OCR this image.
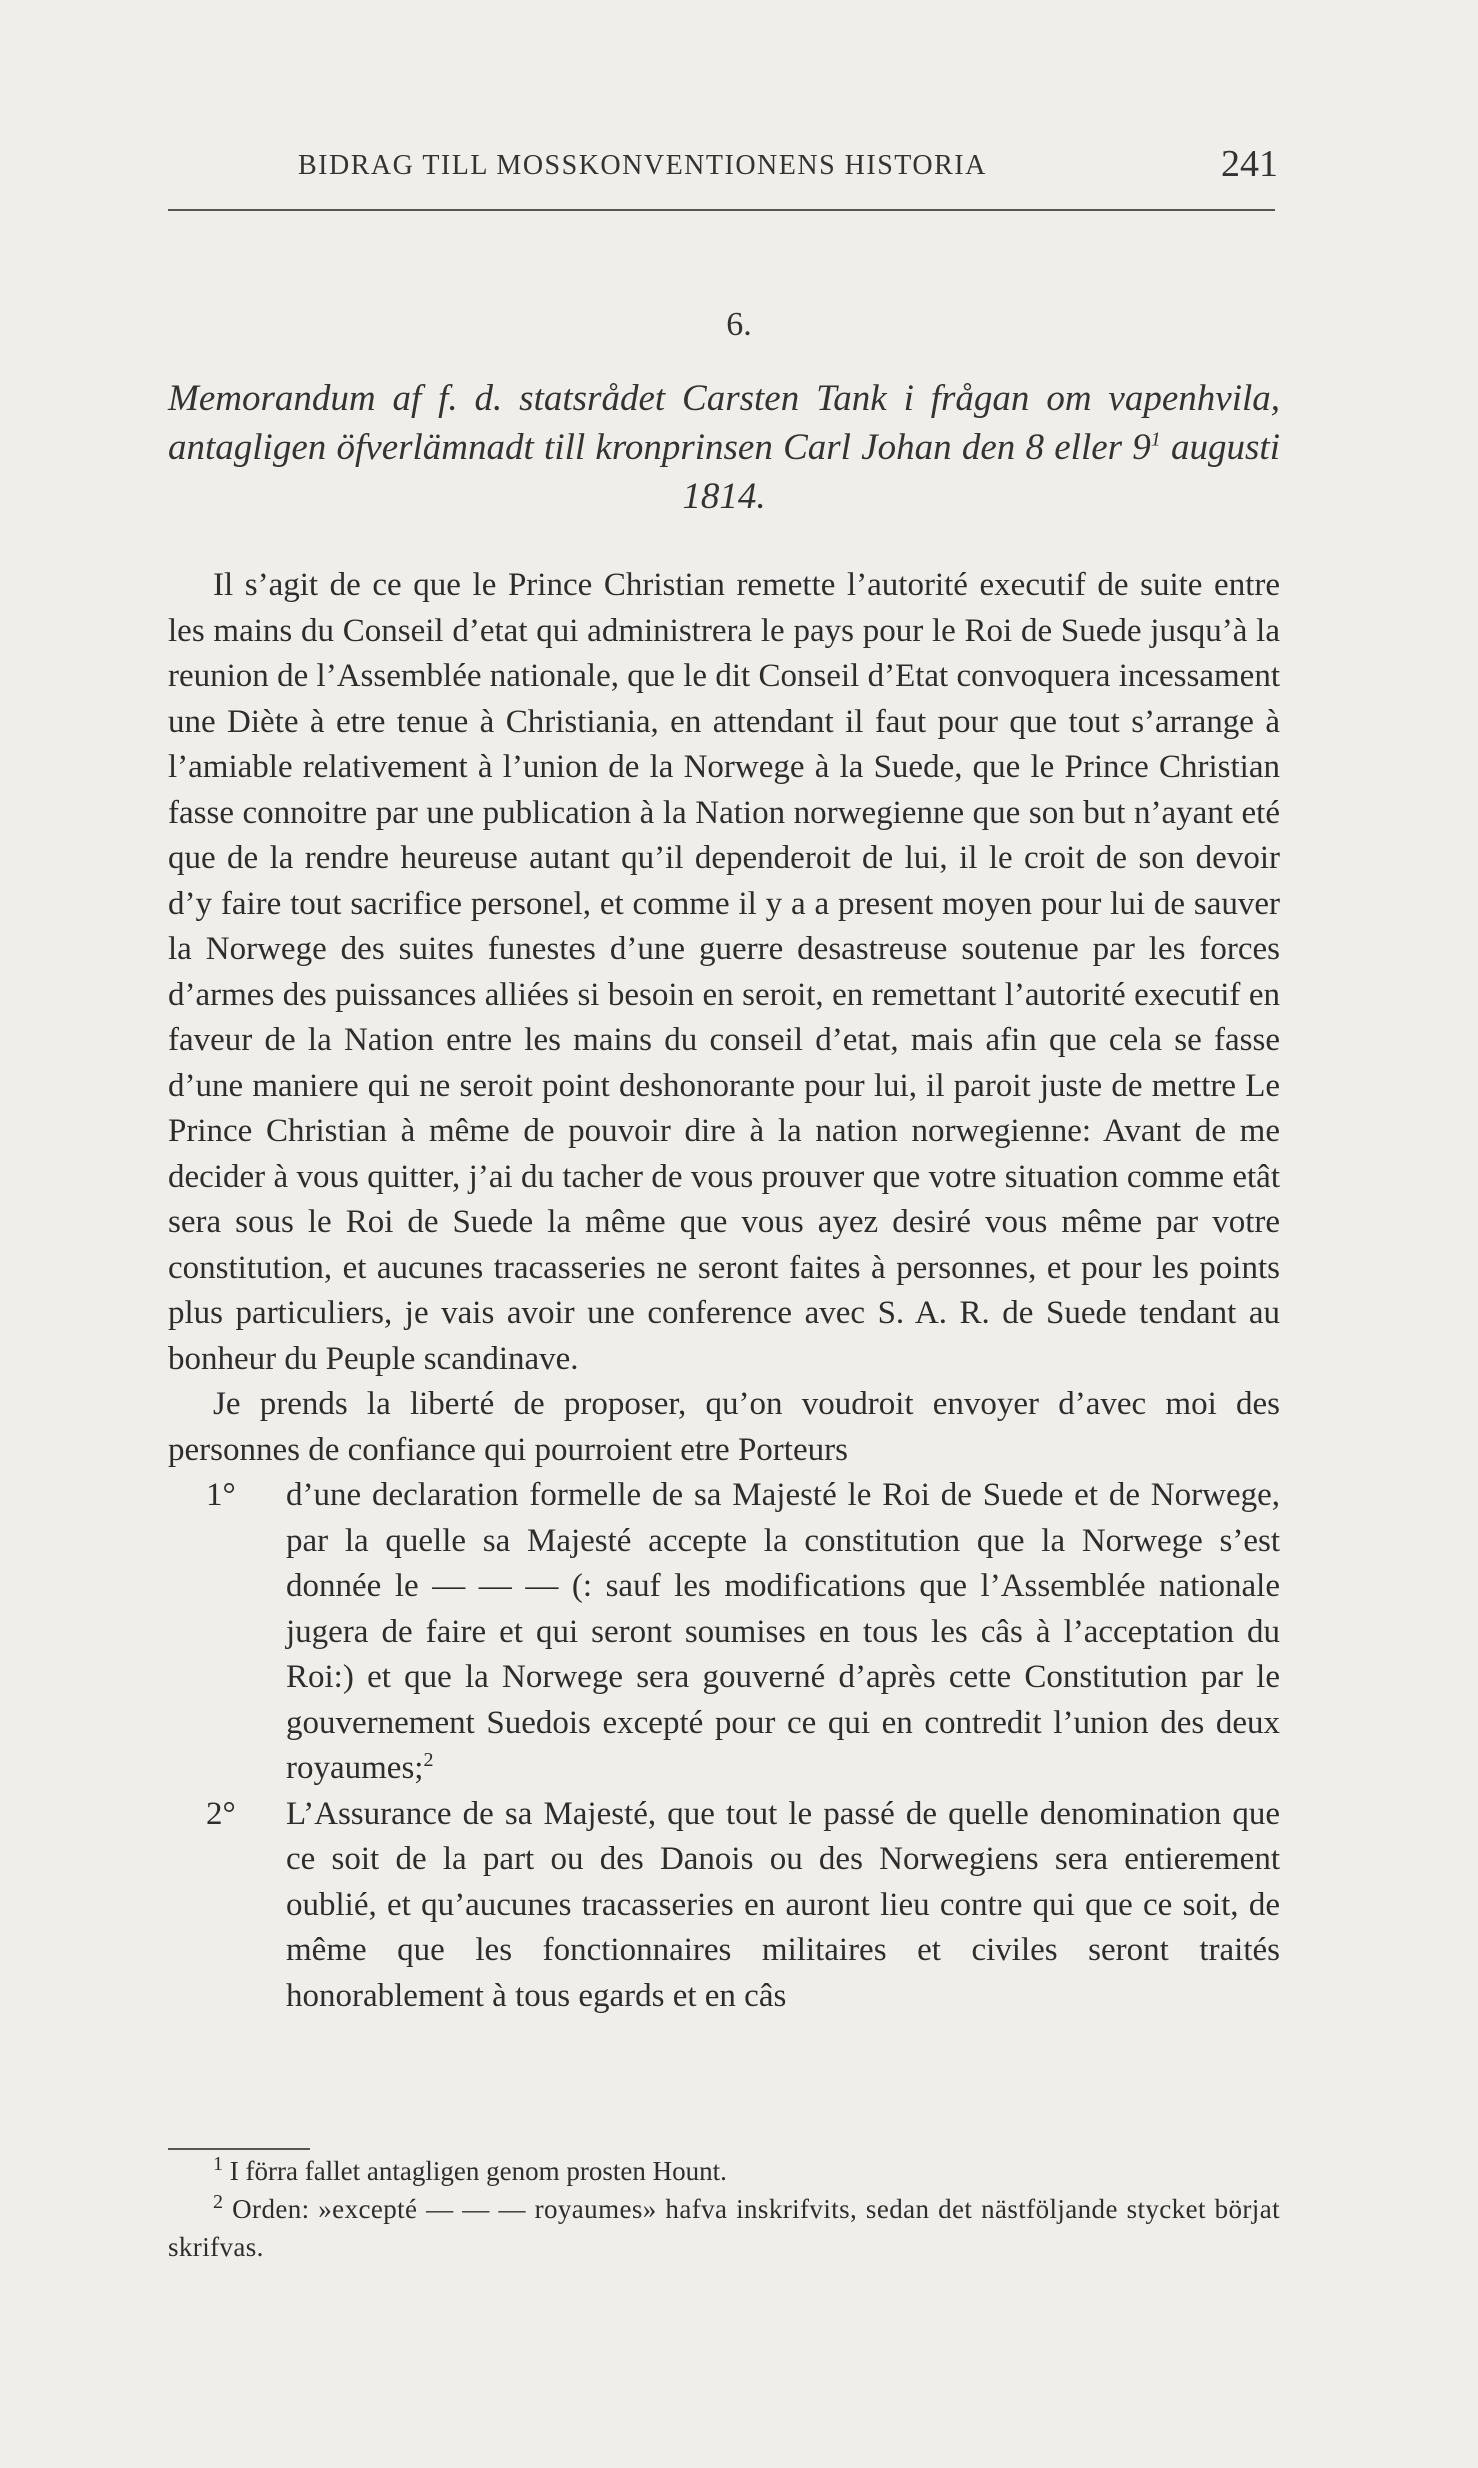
BIDRAG TILL MOSSKONVENTIONENS HISTORIA	241
6.
Memorandum af f. d. statsrådet Carsten Tank i frågan om vapenhvila, antagligen öfverlämnadt till kronprinsen Carl Johan den 8 eller $9^1$ augusti 1814.

Il s’agit de ce que le Prince Christian remette l’autorité executif de suite entre les mains du Conseil d’etat qui administrera le pays pour le Roi de Suede jusqu’à la reunion de l’Assemblée nationale, que le dit Conseil d’Etat convoquera incessament une Diète à etre tenue à Christiania, en attendant il faut pour que tout s’arrange à l’amiable relativement à l’union de la Norwege à la Suede, que le Prince Christian fasse connoitre par une publication à la Nation norwegienne que son but n’ayant eté que de la rendre heureuse autant qu’il dependeroit de lui, il le croit de son devoir d’y faire tout sacrifice personel, et comme il y a a present moyen pour lui de sauver la Norwege des suites funestes d’une guerre desastreuse soutenue par les forces d’armes des puissances alliées si besoin en seroit, en remettant l’autorité executif en faveur de la Nation entre les mains du conseil d’etat, mais afin que cela se fasse d’une maniere qui ne seroit point deshonorante pour lui, il paroit juste de mettre Le Prince Christian à même de pouvoir dire à la nation norwegienne: Avant de me decider à vous quitter, j’ai du tacher de vous prouver que votre situation comme etât sera sous le Roi de Suede la même que vous ayez desiré vous même par votre constitution, et aucunes tracasseries ne seront faites à personnes, et pour les points plus particuliers, je vais avoir une conference avec S. A. R. de Suede tendant au bonheur du Peuple scandinave.

Je prends la liberté de proposer, qu’on voudroit envoyer d’avec moi des personnes de confiance qui pourroient etre Porteurs

1°	d’une declaration formelle de sa Majesté le Roi de Suede et de Norwege, par la quelle sa Majesté accepte la constitution que la Norwege s’est donnée le — — — (: sauf les modifications que l’Assemblée nationale jugera de faire et qui seront soumises en tous les câs à l’acceptation du Roi:) et que la Norwege sera gouverné d’après cette Constitution par le gouvernement Suedois excepté pour ce qui en contredit l’union des deux royaumes;$^2$
2°	L’Assurance de sa Majesté, que tout le passé de quelle denomination que ce soit de la part ou des Danois ou des Norwegiens sera entierement oublié, et qu’aucunes tracasseries en auront lieu contre qui que ce soit, de même que les fonctionnaires militaires et civiles seront traités honorablement à tous egards et en câs

$^1$ I förra fallet antagligen genom prosten Hount.

$^2$ Orden: »excepté — — — royaumes» hafva inskrifvits, sedan det nästföljande stycket börjat skrifvas.
